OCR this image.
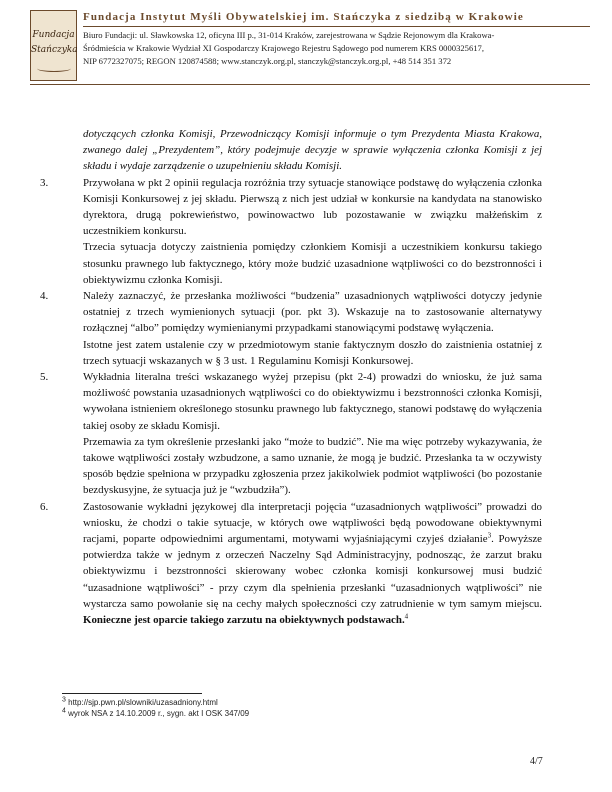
Fundacja
Stańczyka
Fundacja Instytut Myśli Obywatelskiej im. Stańczyka z siedzibą w Krakowie
Biuro Fundacji: ul. Sławkowska 12, oficyna III p., 31-014 Kraków, zarejestrowana w Sądzie Rejonowym dla Krakowa-
Śródmieścia w Krakowie Wydział XI Gospodarczy Krajowego Rejestru Sądowego pod numerem KRS 0000325617,
NIP 6772327075; REGON 120874588; www.stanczyk.org.pl, stanczyk@stanczyk.org.pl, +48 514 351 372

dotyczących członka Komisji, Przewodniczący Komisji informuje o tym Prezydenta Miasta Krakowa, zwanego dalej „Prezydentem”, który podejmuje decyzje w sprawie wyłączenia członka Komisji z jej składu i wydaje zarządzenie o uzupełnieniu składu Komisji.

3.	Przywołana w pkt 2 opinii regulacja rozróżnia trzy sytuacje stanowiące podstawę do wyłączenia członka Komisji Konkursowej z jej składu. Pierwszą z nich jest udział w konkursie na kandydata na stanowisko dyrektora, drugą pokrewieństwo, powinowactwo lub pozostawanie w związku małżeńskim z uczestnikiem konkursu.

Trzecia sytuacja dotyczy zaistnienia pomiędzy członkiem Komisji a uczestnikiem konkursu takiego stosunku prawnego lub faktycznego, który może budzić uzasadnione wątpliwości co do bezstronności i obiektywizmu członka Komisji.

4.	Należy zaznaczyć, że przesłanka możliwości “budzenia” uzasadnionych wątpliwości dotyczy jedynie ostatniej z trzech wymienionych sytuacji (por. pkt 3). Wskazuje na to zastosowanie alternatywy rozłącznej “albo” pomiędzy wymienianymi przypadkami stanowiącymi podstawę wyłączenia.

Istotne jest zatem ustalenie czy w przedmiotowym stanie faktycznym doszło do zaistnienia ostatniej z trzech sytuacji wskazanych w § 3 ust. 1 Regulaminu Komisji Konkursowej.

5.	Wykładnia literalna treści wskazanego wyżej przepisu (pkt 2-4) prowadzi do wniosku, że już sama możliwość powstania uzasadnionych wątpliwości co do obiektywizmu i bezstronności członka Komisji, wywołana istnieniem określonego stosunku prawnego lub faktycznego, stanowi podstawę do wyłączenia takiej osoby ze składu Komisji.

Przemawia za tym określenie przesłanki jako “może to budzić”. Nie ma więc potrzeby wykazywania, że takowe wątpliwości zostały wzbudzone, a samo uznanie, że mogą je budzić. Przesłanka ta w oczywisty sposób będzie spełniona w przypadku zgłoszenia przez jakikolwiek podmiot wątpliwości (bo pozostanie bezdyskusyjne, że sytuacja już je “wzbudziła”).

6.	Zastosowanie wykładni językowej dla interpretacji pojęcia “uzasadnionych wątpliwości” prowadzi do wniosku, że chodzi o takie sytuacje, w których owe wątpliwości będą powodowane obiektywnymi racjami, poparte odpowiednimi argumentami, motywami wyjaśniającymi czyjeś działanie$^3$. Powyższe potwierdza także w jednym z orzeczeń Naczelny Sąd Administracyjny, podnosząc, że zarzut braku obiektywizmu i bezstronności skierowany wobec członka komisji konkursowej musi budzić “uzasadnione wątpliwości” - przy czym dla spełnienia przesłanki “uzasadnionych wątpliwości” nie wystarcza samo powołanie się na cechy małych społeczności czy zatrudnienie w tym samym miejscu. Konieczne jest oparcie takiego zarzutu na obiektywnych podstawach.$^4$

$^3$ http://sjp.pwn.pl/slowniki/uzasadniony.html
$^4$ wyrok NSA z 14.10.2009 r., sygn. akt I OSK 347/09
4/7
